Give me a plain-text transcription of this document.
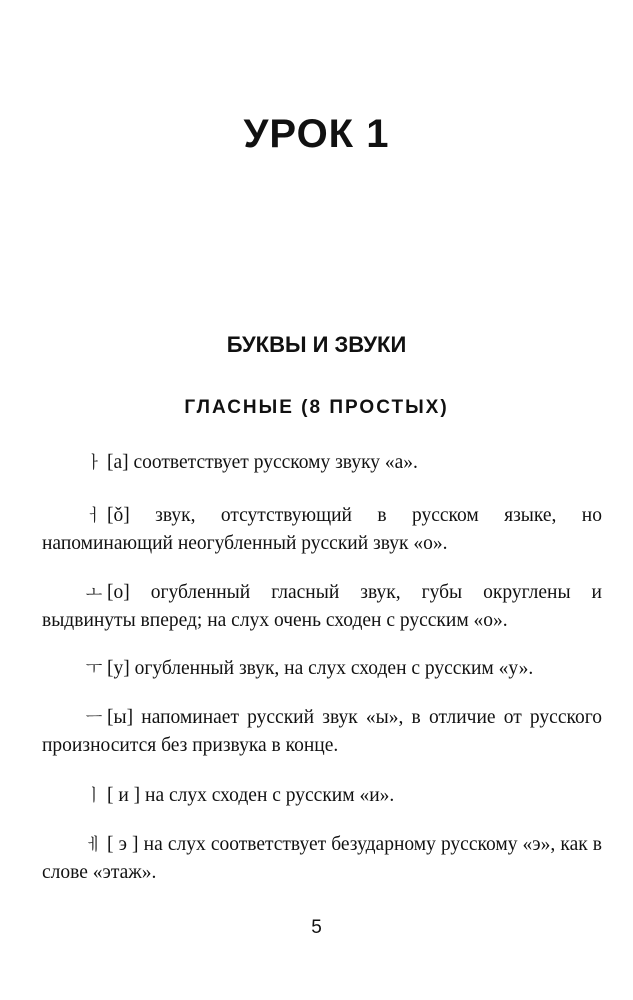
УРОК 1
БУКВЫ И ЗВУКИ
ГЛАСНЫЕ (8 ПРОСТЫХ)

ㅏ [а] соответствует русскому звуку «а».

ㅓ [ǒ] звук, отсутствующий в русском языке, но напоминающий неогубленный русский звук «о».

ㅗ [о] огубленный гласный звук, губы округлены и выдвинуты вперед; на слух очень сходен с русским «о».

ㅜ [у] огубленный звук, на слух сходен с русским «у».

ㅡ [ы] напоминает русский звук «ы», в отличие от русского произносится без призвука в конце.

ㅣ [ и ] на слух сходен с русским «и».

ㅔ [ э ] на слух соответствует безударному русскому «э», как в слове «этаж».

5
